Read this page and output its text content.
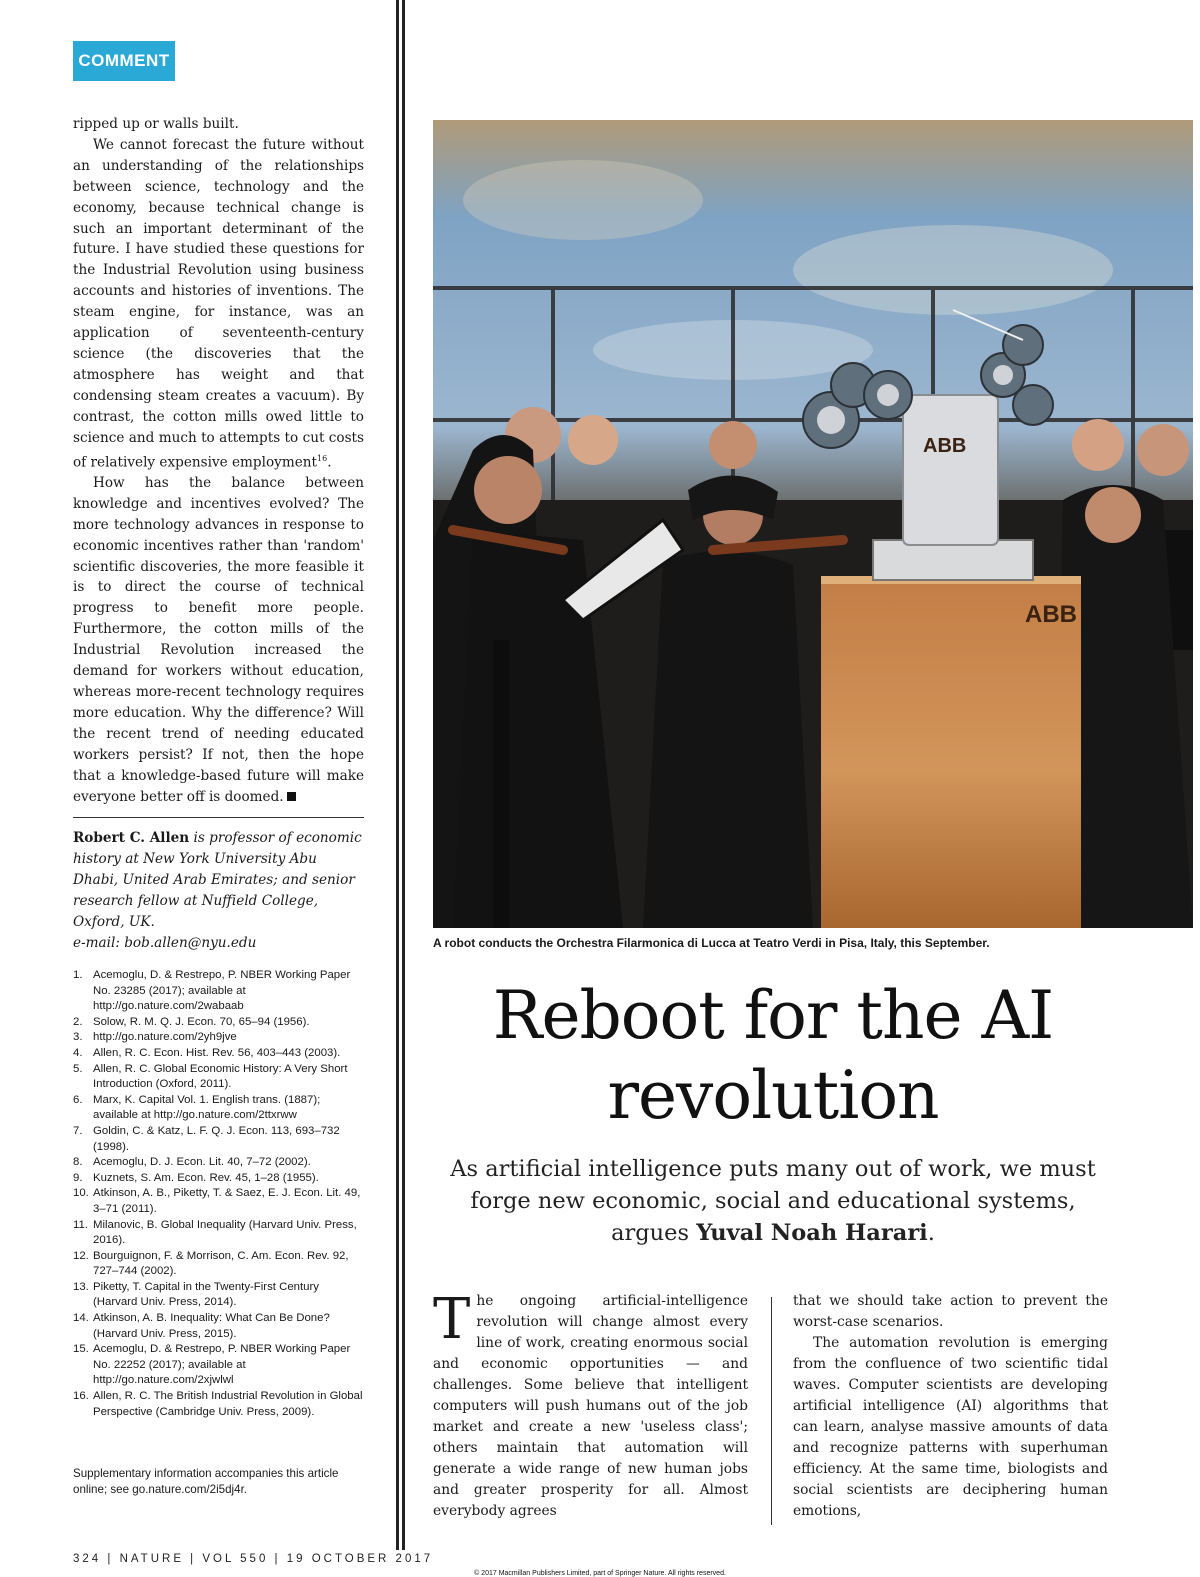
COMMENT

ripped up or walls built.

We cannot forecast the future without an understanding of the relationships between science, technology and the economy, because technical change is such an important determinant of the future. I have studied these questions for the Industrial Revolution using business accounts and histories of inventions. The steam engine, for instance, was an application of seventeenth-century science (the discoveries that the atmosphere has weight and that condensing steam creates a vacuum). By contrast, the cotton mills owed little to science and much to attempts to cut costs of relatively expensive employment$^{16}$.

How has the balance between knowledge and incentives evolved? The more technology advances in response to economic incentives rather than 'random' scientific discoveries, the more feasible it is to direct the course of technical progress to benefit more people. Furthermore, the cotton mills of the Industrial Revolution increased the demand for workers without education, whereas more-recent technology requires more education. Why the difference? Will the recent trend of needing educated workers persist? If not, then the hope that a knowledge-based future will make everyone better off is doomed.

Robert C. Allen is professor of economic history at New York University Abu Dhabi, United Arab Emirates; and senior research fellow at Nuffield College, Oxford, UK.
e-mail: bob.allen@nyu.edu
1. Acemoglu, D. & Restrepo, P. NBER Working Paper No. 23285 (2017); available at http://go.nature.com/2wabaab
2. Solow, R. M. Q. J. Econ. 70, 65–94 (1956).
3. http://go.nature.com/2yh9jve
4. Allen, R. C. Econ. Hist. Rev. 56, 403–443 (2003).
5. Allen, R. C. Global Economic History: A Very Short Introduction (Oxford, 2011).
6. Marx, K. Capital Vol. 1. English trans. (1887); available at http://go.nature.com/2ttxrww
7. Goldin, C. & Katz, L. F. Q. J. Econ. 113, 693–732 (1998).
8. Acemoglu, D. J. Econ. Lit. 40, 7–72 (2002).
9. Kuznets, S. Am. Econ. Rev. 45, 1–28 (1955).
10. Atkinson, A. B., Piketty, T. & Saez, E. J. Econ. Lit. 49, 3–71 (2011).
11. Milanovic, B. Global Inequality (Harvard Univ. Press, 2016).
12. Bourguignon, F. & Morrison, C. Am. Econ. Rev. 92, 727–744 (2002).
13. Piketty, T. Capital in the Twenty-First Century (Harvard Univ. Press, 2014).
14. Atkinson, A. B. Inequality: What Can Be Done? (Harvard Univ. Press, 2015).
15. Acemoglu, D. & Restrepo, P. NBER Working Paper No. 22252 (2017); available at http://go.nature.com/2xjwlwl
16. Allen, R. C. The British Industrial Revolution in Global Perspective (Cambridge Univ. Press, 2009).
Supplementary information accompanies this article online; see go.nature.com/2i5dj4r.
ABB
ABB
A robot conducts the Orchestra Filarmonica di Lucca at Teatro Verdi in Pisa, Italy, this September.
Reboot for the AI
revolution

As artificial intelligence puts many out of work, we must forge new economic, social and educational systems, argues Yuval Noah Harari.

The ongoing artificial-intelligence revolution will change almost every line of work, creating enormous social and economic opportunities — and challenges. Some believe that intelligent computers will push humans out of the job market and create a new 'useless class'; others maintain that automation will generate a wide range of new human jobs and greater prosperity for all. Almost everybody agrees

that we should take action to prevent the worst-case scenarios.

The automation revolution is emerging from the confluence of two scientific tidal waves. Computer scientists are developing artificial intelligence (AI) algorithms that can learn, analyse massive amounts of data and recognize patterns with superhuman efficiency. At the same time, biologists and social scientists are deciphering human emotions,

324 | NATURE | VOL 550 | 19 OCTOBER 2017
© 2017 Macmillan Publishers Limited, part of Springer Nature. All rights reserved.
